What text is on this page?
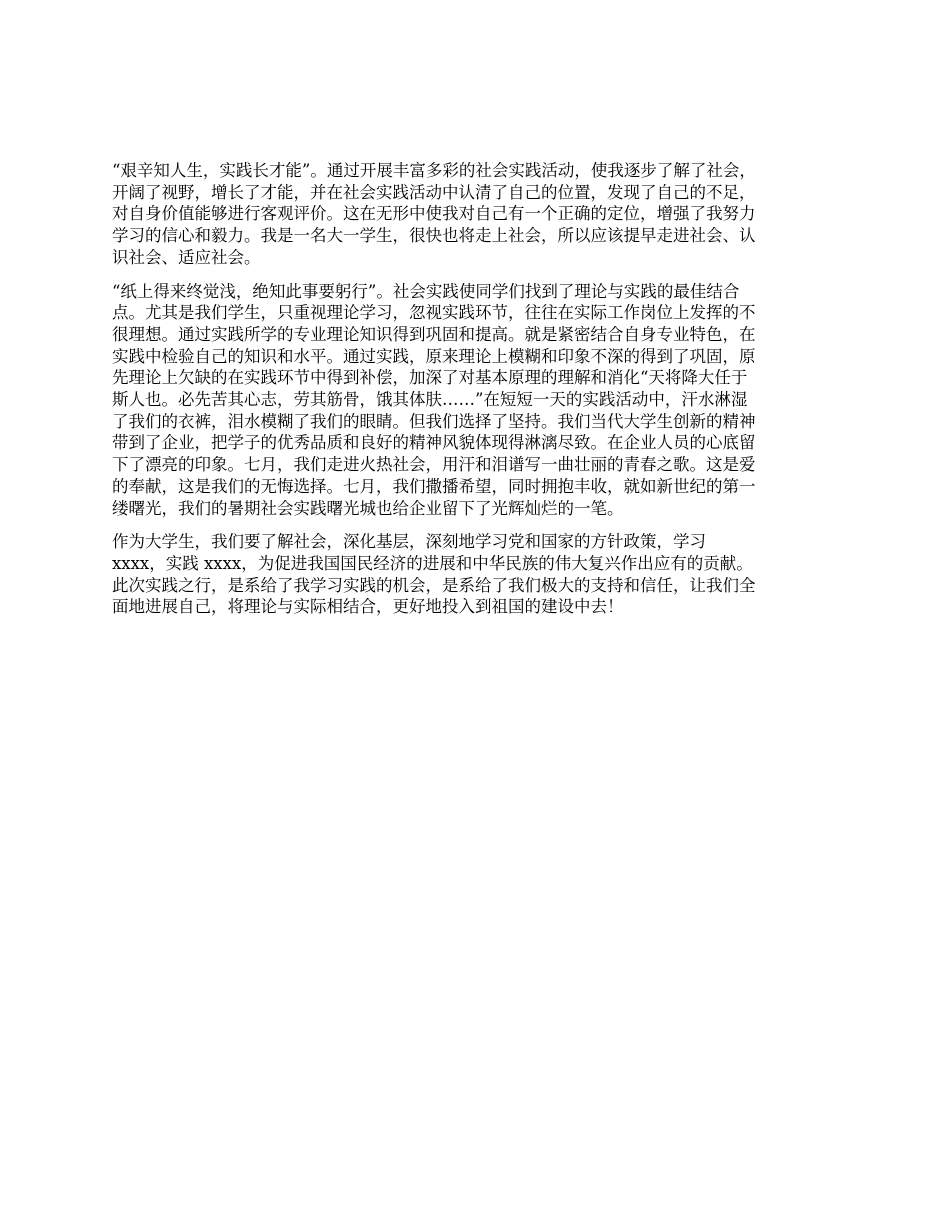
“艰辛知人生，实践长才能”。通过开展丰富多彩的社会实践活动，使我逐步了解了社会，
开阔了视野，增长了才能，并在社会实践活动中认清了自己的位置，发现了自己的不足，
对自身价值能够进行客观评价。这在无形中使我对自己有一个正确的定位，增强了我努力
学习的信心和毅力。我是一名大一学生，很快也将走上社会，所以应该提早走进社会、认
识社会、适应社会。
“纸上得来终觉浅，绝知此事要躬行”。社会实践使同学们找到了理论与实践的最佳结合
点。尤其是我们学生，只重视理论学习，忽视实践环节，往往在实际工作岗位上发挥的不
很理想。通过实践所学的专业理论知识得到巩固和提高。就是紧密结合自身专业特色，在
实践中检验自己的知识和水平。通过实践，原来理论上模糊和印象不深的得到了巩固，原
先理论上欠缺的在实践环节中得到补偿，加深了对基本原理的理解和消化“天将降大任于
斯人也。必先苦其心志，劳其筋骨，饿其体肤……”在短短一天的实践活动中，汗水淋湿
了我们的衣裤，泪水模糊了我们的眼睛。但我们选择了坚持。我们当代大学生创新的精神
带到了企业，把学子的优秀品质和良好的精神风貌体现得淋漓尽致。在企业人员的心底留
下了漂亮的印象。七月，我们走进火热社会，用汗和泪谱写一曲壮丽的青春之歌。这是爱
的奉献，这是我们的无悔选择。七月，我们撒播希望，同时拥抱丰收，就如新世纪的第一
缕曙光，我们的暑期社会实践曙光城也给企业留下了光辉灿烂的一笔。
作为大学生，我们要了解社会，深化基层，深刻地学习党和国家的方针政策，学习
xxxx，实践 xxxx，为促进我国国民经济的进展和中华民族的伟大复兴作出应有的贡献。
此次实践之行，是系给了我学习实践的机会，是系给了我们极大的支持和信任，让我们全
面地进展自己，将理论与实际相结合，更好地投入到祖国的建设中去！
